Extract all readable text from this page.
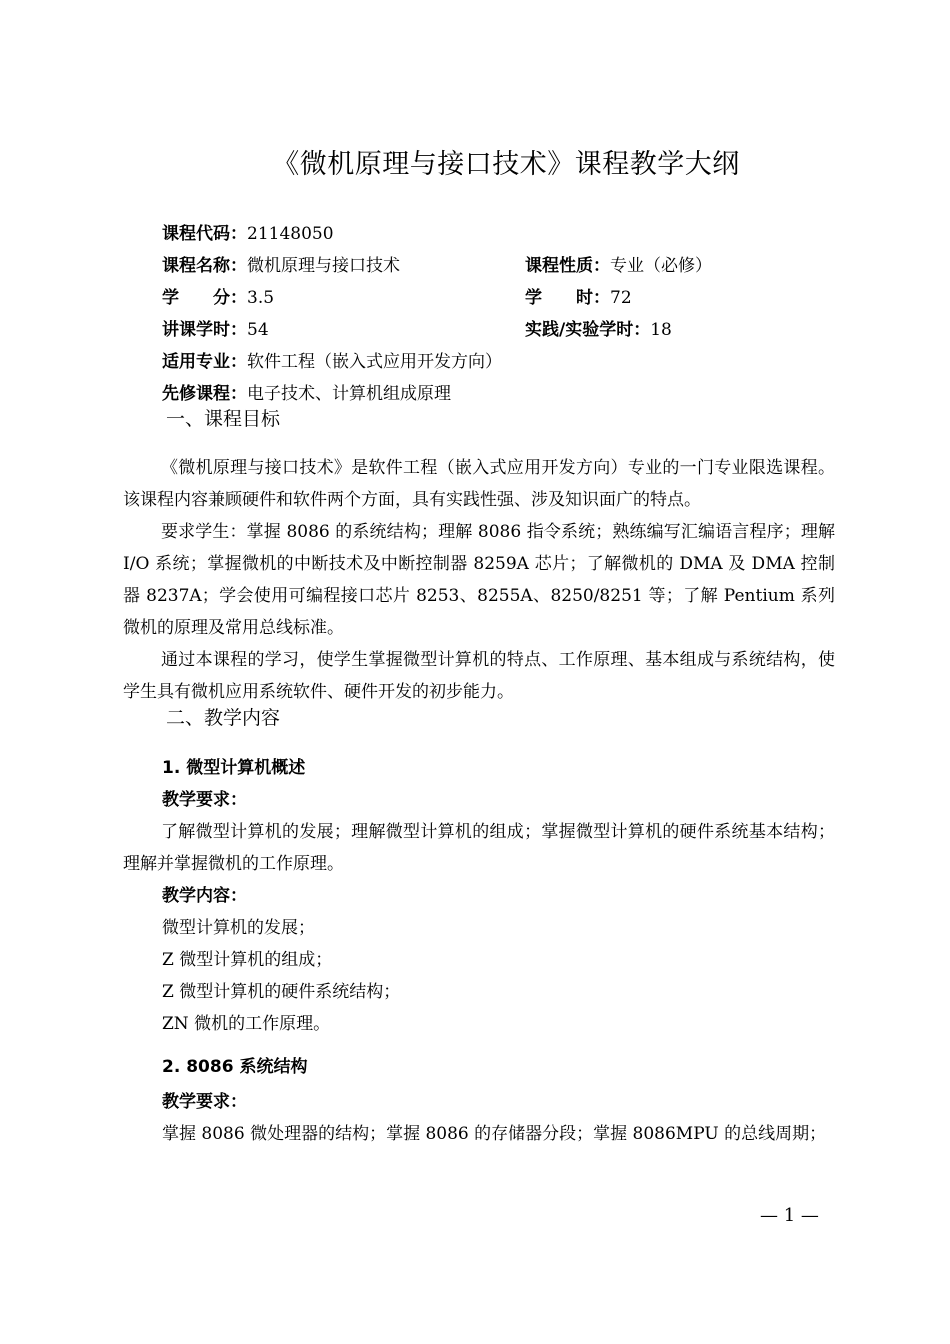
《微机原理与接口技术》课程教学大纲
课程代码：21148050
课程名称：微机原理与接口技术	课程性质：专业（必修）
学　　分：3.5	学　　时：72
讲课学时：54	实践/实验学时：18
适用专业：软件工程（嵌入式应用开发方向）
先修课程：电子技术、计算机组成原理
一、课程目标

《微机原理与接口技术》是软件工程（嵌入式应用开发方向）专业的一门专业限选课程。该课程内容兼顾硬件和软件两个方面，具有实践性强、涉及知识面广的特点。

要求学生：掌握 8086 的系统结构；理解 8086 指令系统；熟练编写汇编语言程序；理解 I/O 系统；掌握微机的中断技术及中断控制器 8259A 芯片；了解微机的 DMA 及 DMA 控制器 8237A；学会使用可编程接口芯片 8253、8255A、8250/8251 等；了解 Pentium 系列微机的原理及常用总线标准。

通过本课程的学习，使学生掌握微型计算机的特点、工作原理、基本组成与系统结构，使学生具有微机应用系统软件、硬件开发的初步能力。

二、教学内容
1. 微型计算机概述
教学要求：

了解微型计算机的发展；理解微型计算机的组成；掌握微型计算机的硬件系统基本结构；理解并掌握微机的工作原理。

教学内容：
微型计算机的发展；
Z 微型计算机的组成；
Z 微型计算机的硬件系统结构；
ZN 微机的工作原理。
2. 8086 系统结构
教学要求：
掌握 8086 微处理器的结构；掌握 8086 的存储器分段；掌握 8086MPU 的总线周期；
— 1 —
